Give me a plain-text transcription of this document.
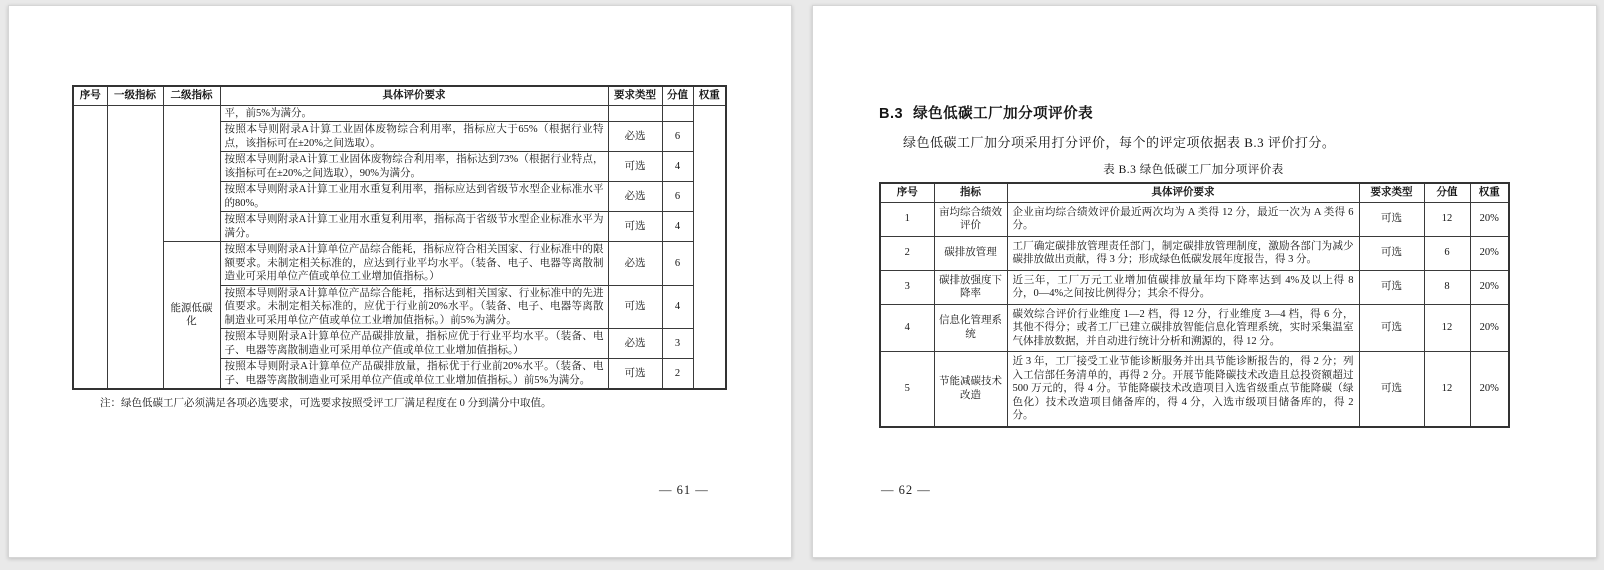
序号	一级指标	二级指标	具体评价要求	要求类型	分值	权重
			平，前5%为满分。			
			按照本导则附录A计算工业固体废物综合利用率，指标应大于65%（根据行业特点，该指标可在±20%之间选取）。	必选	6	
			按照本导则附录A计算工业固体废物综合利用率，指标达到73%（根据行业特点，该指标可在±20%之间选取），90%为满分。	可选	4	
			按照本导则附录A计算工业用水重复利用率，指标应达到省级节水型企业标准水平的80%。	必选	6	
			按照本导则附录A计算工业用水重复利用率，指标高于省级节水型企业标准水平为满分。	可选	4	
		能源低碳化	按照本导则附录A计算单位产品综合能耗，指标应符合相关国家、行业标准中的限额要求。未制定相关标准的，应达到行业平均水平。（装备、电子、电器等离散制造业可采用单位产值或单位工业增加值指标。）	必选	6	
			按照本导则附录A计算单位产品综合能耗，指标达到相关国家、行业标准中的先进值要求。未制定相关标准的，应优于行业前20%水平。（装备、电子、电器等离散制造业可采用单位产值或单位工业增加值指标。）前5%为满分。	可选	4	
			按照本导则附录A计算单位产品碳排放量，指标应优于行业平均水平。（装备、电子、电器等离散制造业可采用单位产值或单位工业增加值指标。）	必选	3	
			按照本导则附录A计算单位产品碳排放量，指标优于行业前20%水平。（装备、电子、电器等离散制造业可采用单位产值或单位工业增加值指标。）前5%为满分。	可选	2	
注：绿色低碳工厂必须满足各项必选要求，可选要求按照受评工厂满足程度在 0 分到满分中取值。
— 61 —
B.3 绿色低碳工厂加分项评价表

绿色低碳工厂加分项采用打分评价，每个的评定项依据表 B.3 评价打分。

表 B.3 绿色低碳工厂加分项评价表
序号	指标	具体评价要求	要求类型	分值	权重
1	亩均综合绩效评价	企业亩均综合绩效评价最近两次均为 A 类得 12 分，最近一次为 A 类得 6 分。	可选	12	20%
2	碳排放管理	工厂确定碳排放管理责任部门，制定碳排放管理制度，激励各部门为减少碳排放做出贡献，得 3 分；形成绿色低碳发展年度报告，得 3 分。	可选	6	20%
3	碳排放强度下降率	近三年，工厂万元工业增加值碳排放量年均下降率达到 4%及以上得 8 分，0—4%之间按比例得分；其余不得分。	可选	8	20%
4	信息化管理系统	碳效综合评价行业维度 1—2 档，得 12 分，行业维度 3—4 档，得 6 分，其他不得分；或者工厂已建立碳排放智能信息化管理系统，实时采集温室气体排放数据，并自动进行统计分析和溯源的，得 12 分。	可选	12	20%
5	节能减碳技术改造	近 3 年，工厂接受工业节能诊断服务并出具节能诊断报告的，得 2 分；列入工信部任务清单的，再得 2 分。开展节能降碳技术改造且总投资额超过 500 万元的，得 4 分。节能降碳技术改造项目入选省级重点节能降碳（绿色化）技术改造项目储备库的，得 4 分，入选市级项目储备库的，得 2 分。	可选	12	20%
— 62 —
